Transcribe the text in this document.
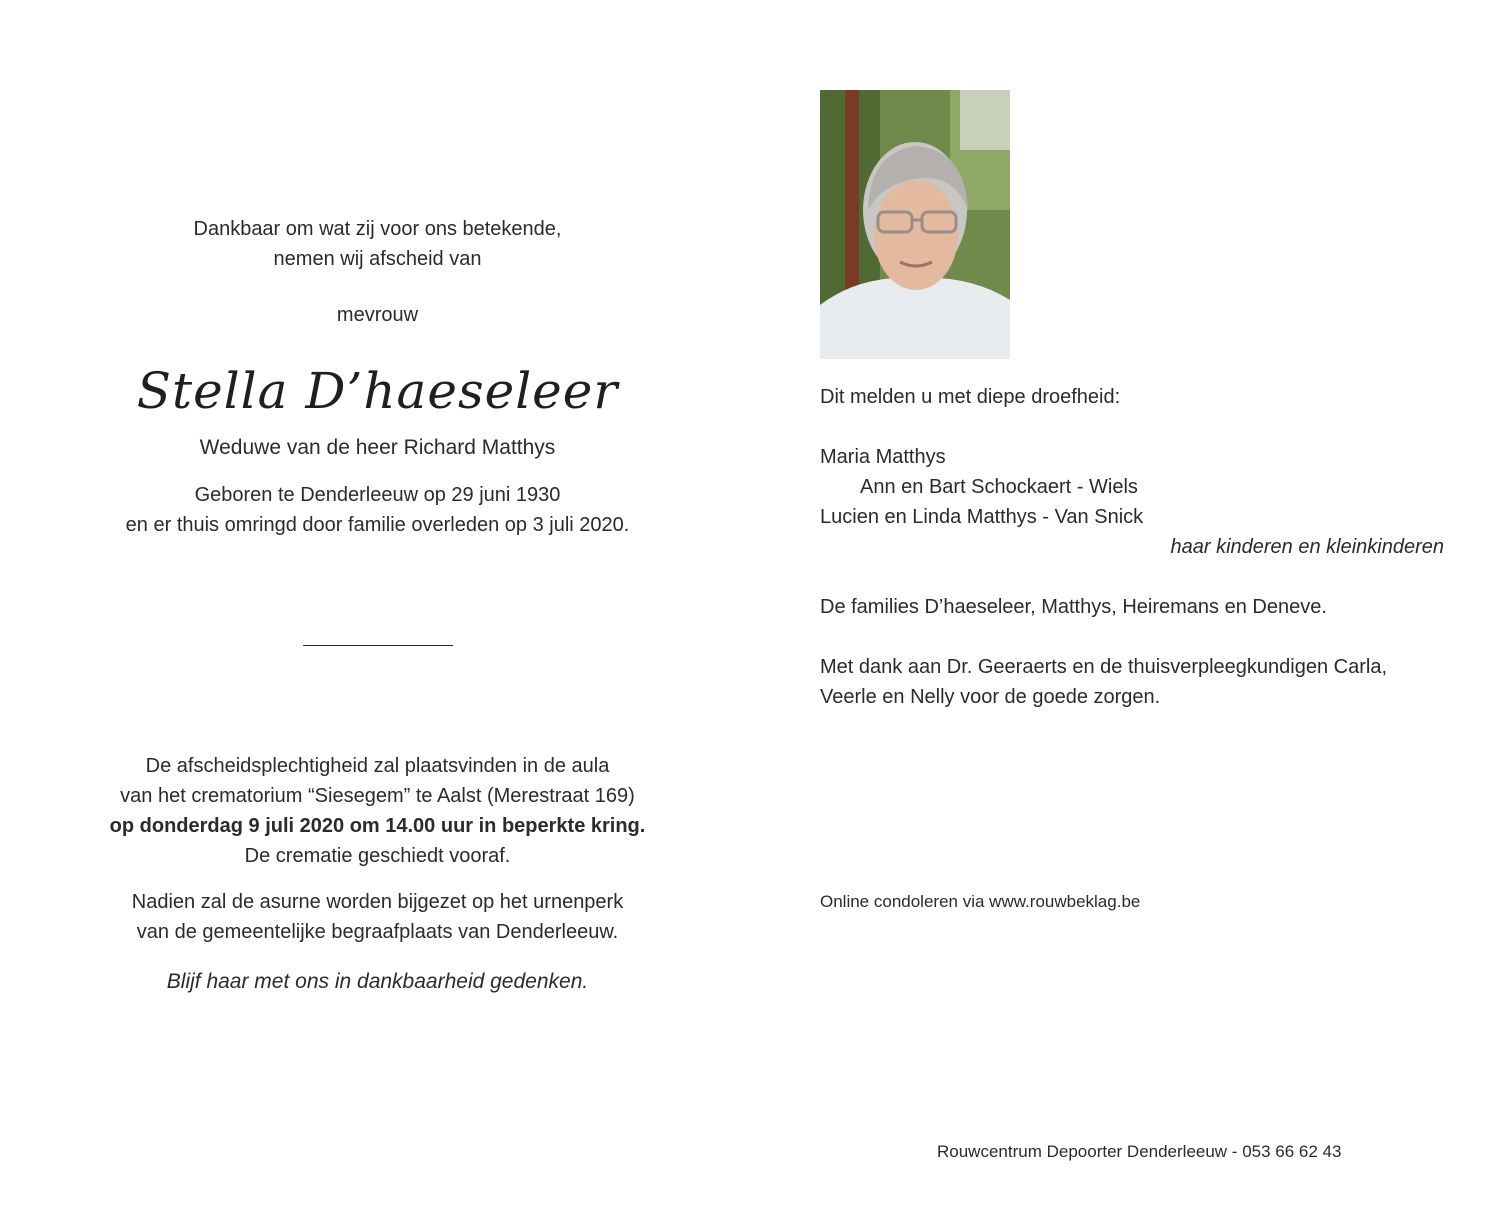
Dankbaar om wat zij voor ons betekende,
nemen wij afscheid van
mevrouw
Stella D’haeseleer
Weduwe van de heer Richard Matthys
Geboren te Denderleeuw op 29 juni 1930
en er thuis omringd door familie overleden op 3 juli 2020.
De afscheidsplechtigheid zal plaatsvinden in de aula
van het crematorium “Siesegem” te Aalst (Merestraat 169)
op donderdag 9 juli 2020 om 14.00 uur in beperkte kring.
De crematie geschiedt vooraf.
Nadien zal de asurne worden bijgezet op het urnenperk
van de gemeentelijke begraafplaats van Denderleeuw.
Blijf haar met ons in dankbaarheid gedenken.
Dit melden u met diepe droefheid:
Maria Matthys
Ann en Bart Schockaert - Wiels
Lucien en Linda Matthys - Van Snick
haar kinderen en kleinkinderen
De families D’haeseleer, Matthys, Heiremans en Deneve.
Met dank aan Dr. Geeraerts en de thuisverpleegkundigen Carla,
Veerle en Nelly voor de goede zorgen.
Online condoleren via www.rouwbeklag.be
Rouwcentrum Depoorter Denderleeuw - 053 66 62 43
